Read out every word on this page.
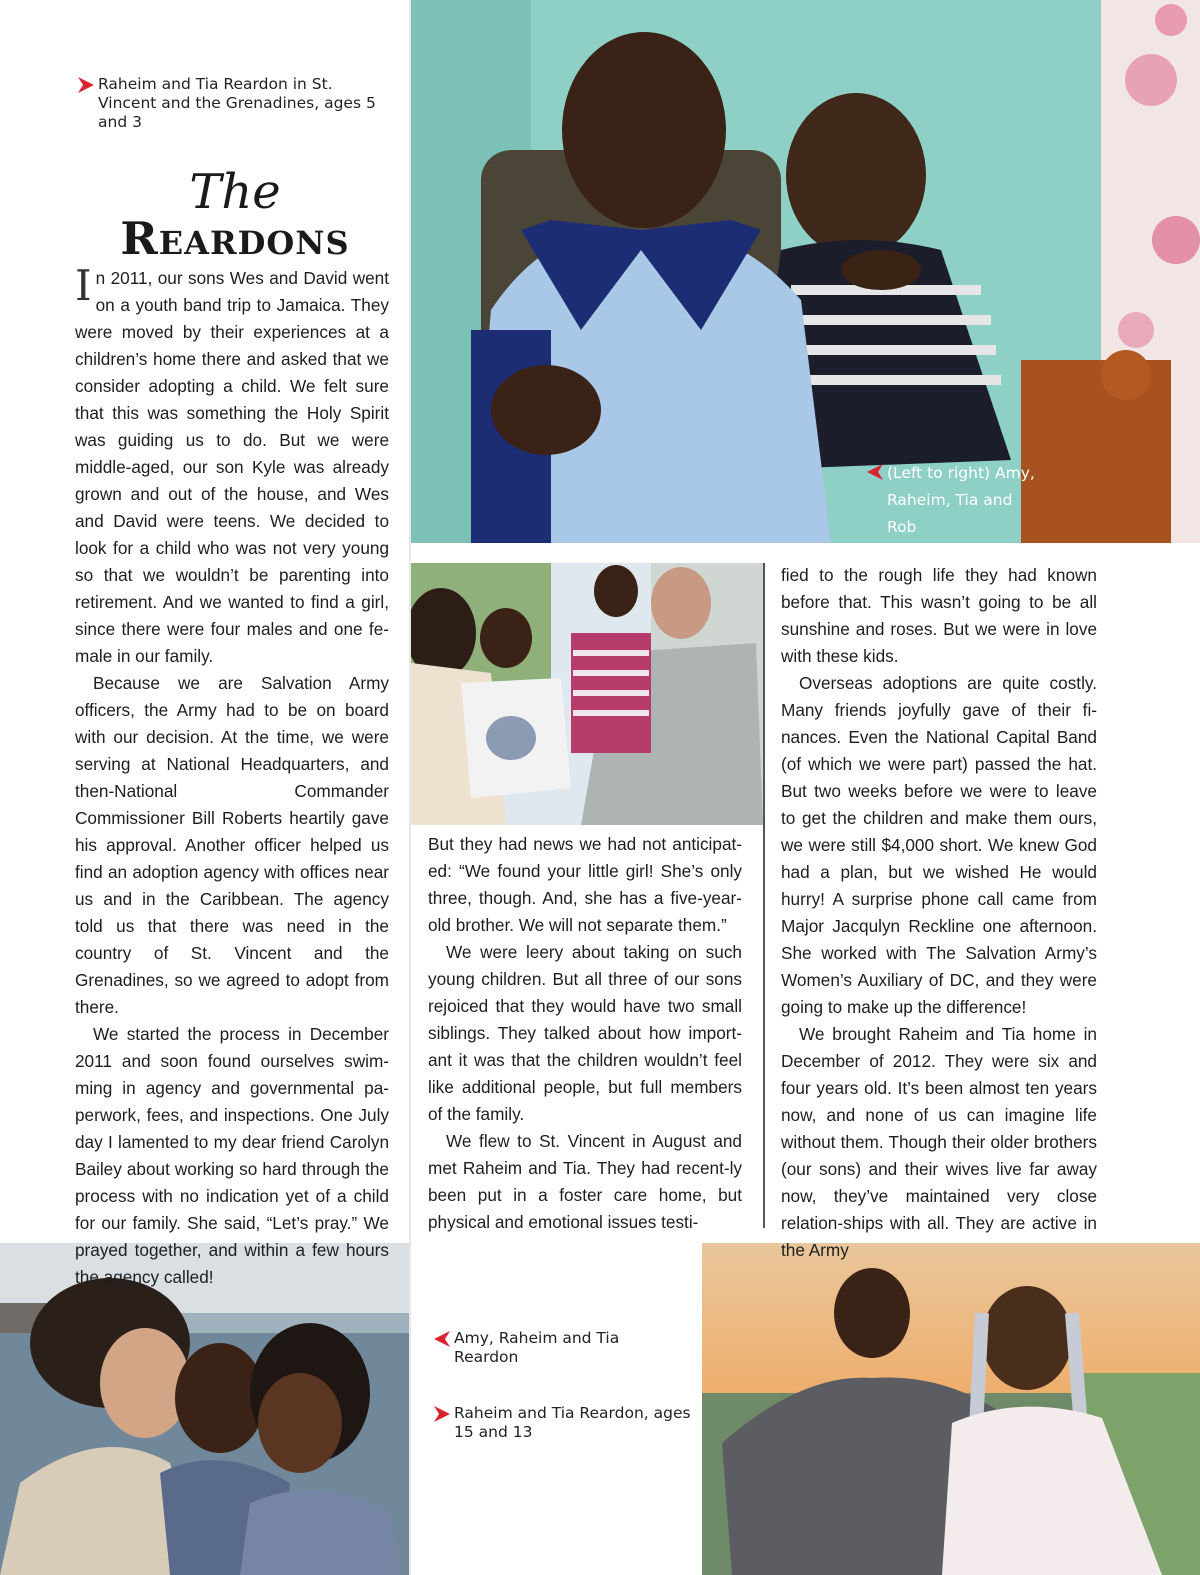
Raheim and Tia Reardon in St. Vincent and the Grenadines, ages 5 and 3
The
Reardons
(Left to right) Amy, Raheim, Tia and Rob
Amy, Raheim and Tia Reardon
Raheim and Tia Reardon, ages 15 and 13

In 2011, our sons Wes and David went on a youth band trip to Jamaica. They were moved by their experiences at a children’s home there and asked that we consider adopting a child. We felt sure that this was something the Holy Spirit was guiding us to do. But we were middle-aged, our son Kyle was already grown and out of the house, and Wes and David were teens. We decided to look for a child who was not very young so that we wouldn’t be parenting into retirement. And we wanted to find a girl, since there were four males and one fe-male in our family.

Because we are Salvation Army officers, the Army had to be on board with our decision. At the time, we were serving at National Headquarters, and then-National Commander Commissioner Bill Roberts heartily gave his approval. Another officer helped us find an adoption agency with offices near us and in the Caribbean. The agency told us that there was need in the country of St. Vincent and the Grenadines, so we agreed to adopt from there.

We started the process in December 2011 and soon found ourselves swim-ming in agency and governmental pa-perwork, fees, and inspections. One July day I lamented to my dear friend Carolyn Bailey about working so hard through the process with no indication yet of a child for our family. She said, “Let’s pray.” We prayed together, and within a few hours the agency called!

But they had news we had not anticipat-ed: “We found your little girl! She’s only three, though. And, she has a five-year-old brother. We will not separate them.”

We were leery about taking on such young children. But all three of our sons rejoiced that they would have two small siblings. They talked about how import-ant it was that the children wouldn’t feel like additional people, but full members of the family.

We flew to St. Vincent in August and met Raheim and Tia. They had recent-ly been put in a foster care home, but physical and emotional issues testi-

fied to the rough life they had known before that. This wasn’t going to be all sunshine and roses. But we were in love with these kids.

Overseas adoptions are quite costly. Many friends joyfully gave of their fi-nances. Even the National Capital Band (of which we were part) passed the hat. But two weeks before we were to leave to get the children and make them ours, we were still $4,000 short. We knew God had a plan, but we wished He would hurry! A surprise phone call came from Major Jacqulyn Reckline one afternoon. She worked with The Salvation Army’s Women’s Auxiliary of DC, and they were going to make up the difference!

We brought Raheim and Tia home in December of 2012. They were six and four years old. It’s been almost ten years now, and none of us can imagine life without them. Though their older brothers (our sons) and their wives live far away now, they’ve maintained very close relation-ships with all. They are active in the Army
